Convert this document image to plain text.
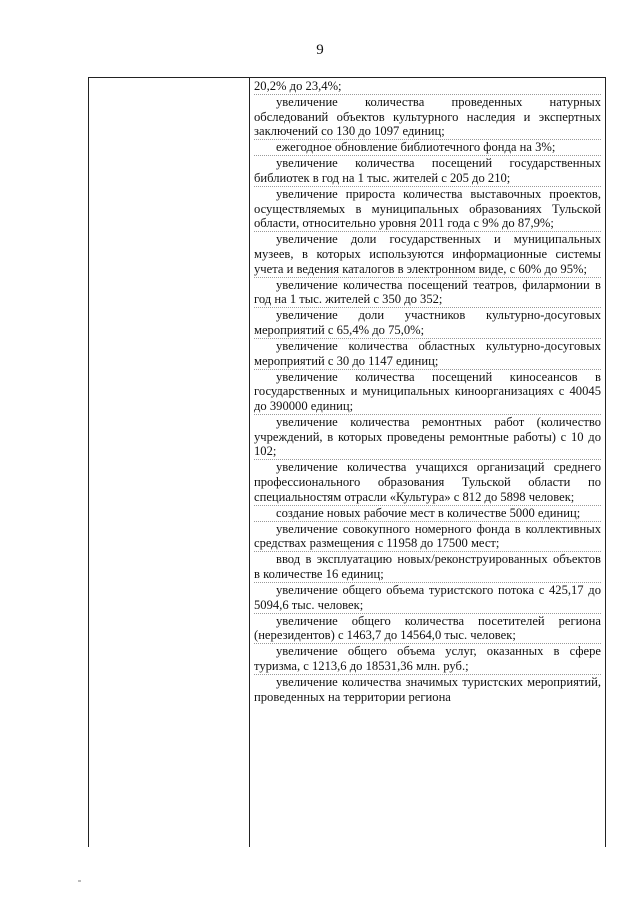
9

20,2% до 23,4%;

увеличение количества проведенных натурных обследований объектов культурного наследия и экспертных заключений со 130 до 1097 единиц;

ежегодное обновление библиотечного фонда на 3%;

увеличение количества посещений государственных библиотек в год на 1 тыс. жителей с 205 до 210;

увеличение прироста количества выставочных проектов, осуществляемых в муниципальных образованиях Тульской области, относительно уровня 2011 года с 9% до 87,9%;

увеличение доли государственных и муниципальных музеев, в которых используются информационные системы учета и ведения каталогов в электронном виде, с 60% до 95%;

увеличение количества посещений театров, филармонии в год на 1 тыс. жителей с 350 до 352;

увеличение доли участников культурно-досуговых мероприятий с 65,4% до 75,0%;

увеличение количества областных культурно-досуговых мероприятий с 30 до 1147 единиц;

увеличение количества посещений киносеансов в государственных и муниципальных киноорганизациях с 40045 до 390000 единиц;

увеличение количества ремонтных работ (количество учреждений, в которых проведены ремонтные работы) с 10 до 102;

увеличение количества учащихся организаций среднего профессионального образования Тульской области по специальностям отрасли «Культура» с 812 до 5898 человек;

создание новых рабочие мест в количестве 5000 единиц;

увеличение совокупного номерного фонда в коллективных средствах размещения с 11958 до 17500 мест;

ввод в эксплуатацию новых/реконструированных объектов в количестве 16 единиц;

увеличение общего объема туристского потока с 425,17 до 5094,6 тыс. человек;

увеличение общего количества посетителей региона (нерезидентов) с 1463,7 до 14564,0 тыс. человек;

увеличение общего объема услуг, оказанных в сфере туризма, с 1213,6 до 18531,36 млн. руб.;

увеличение количества значимых туристских мероприятий, проведенных на территории региона
